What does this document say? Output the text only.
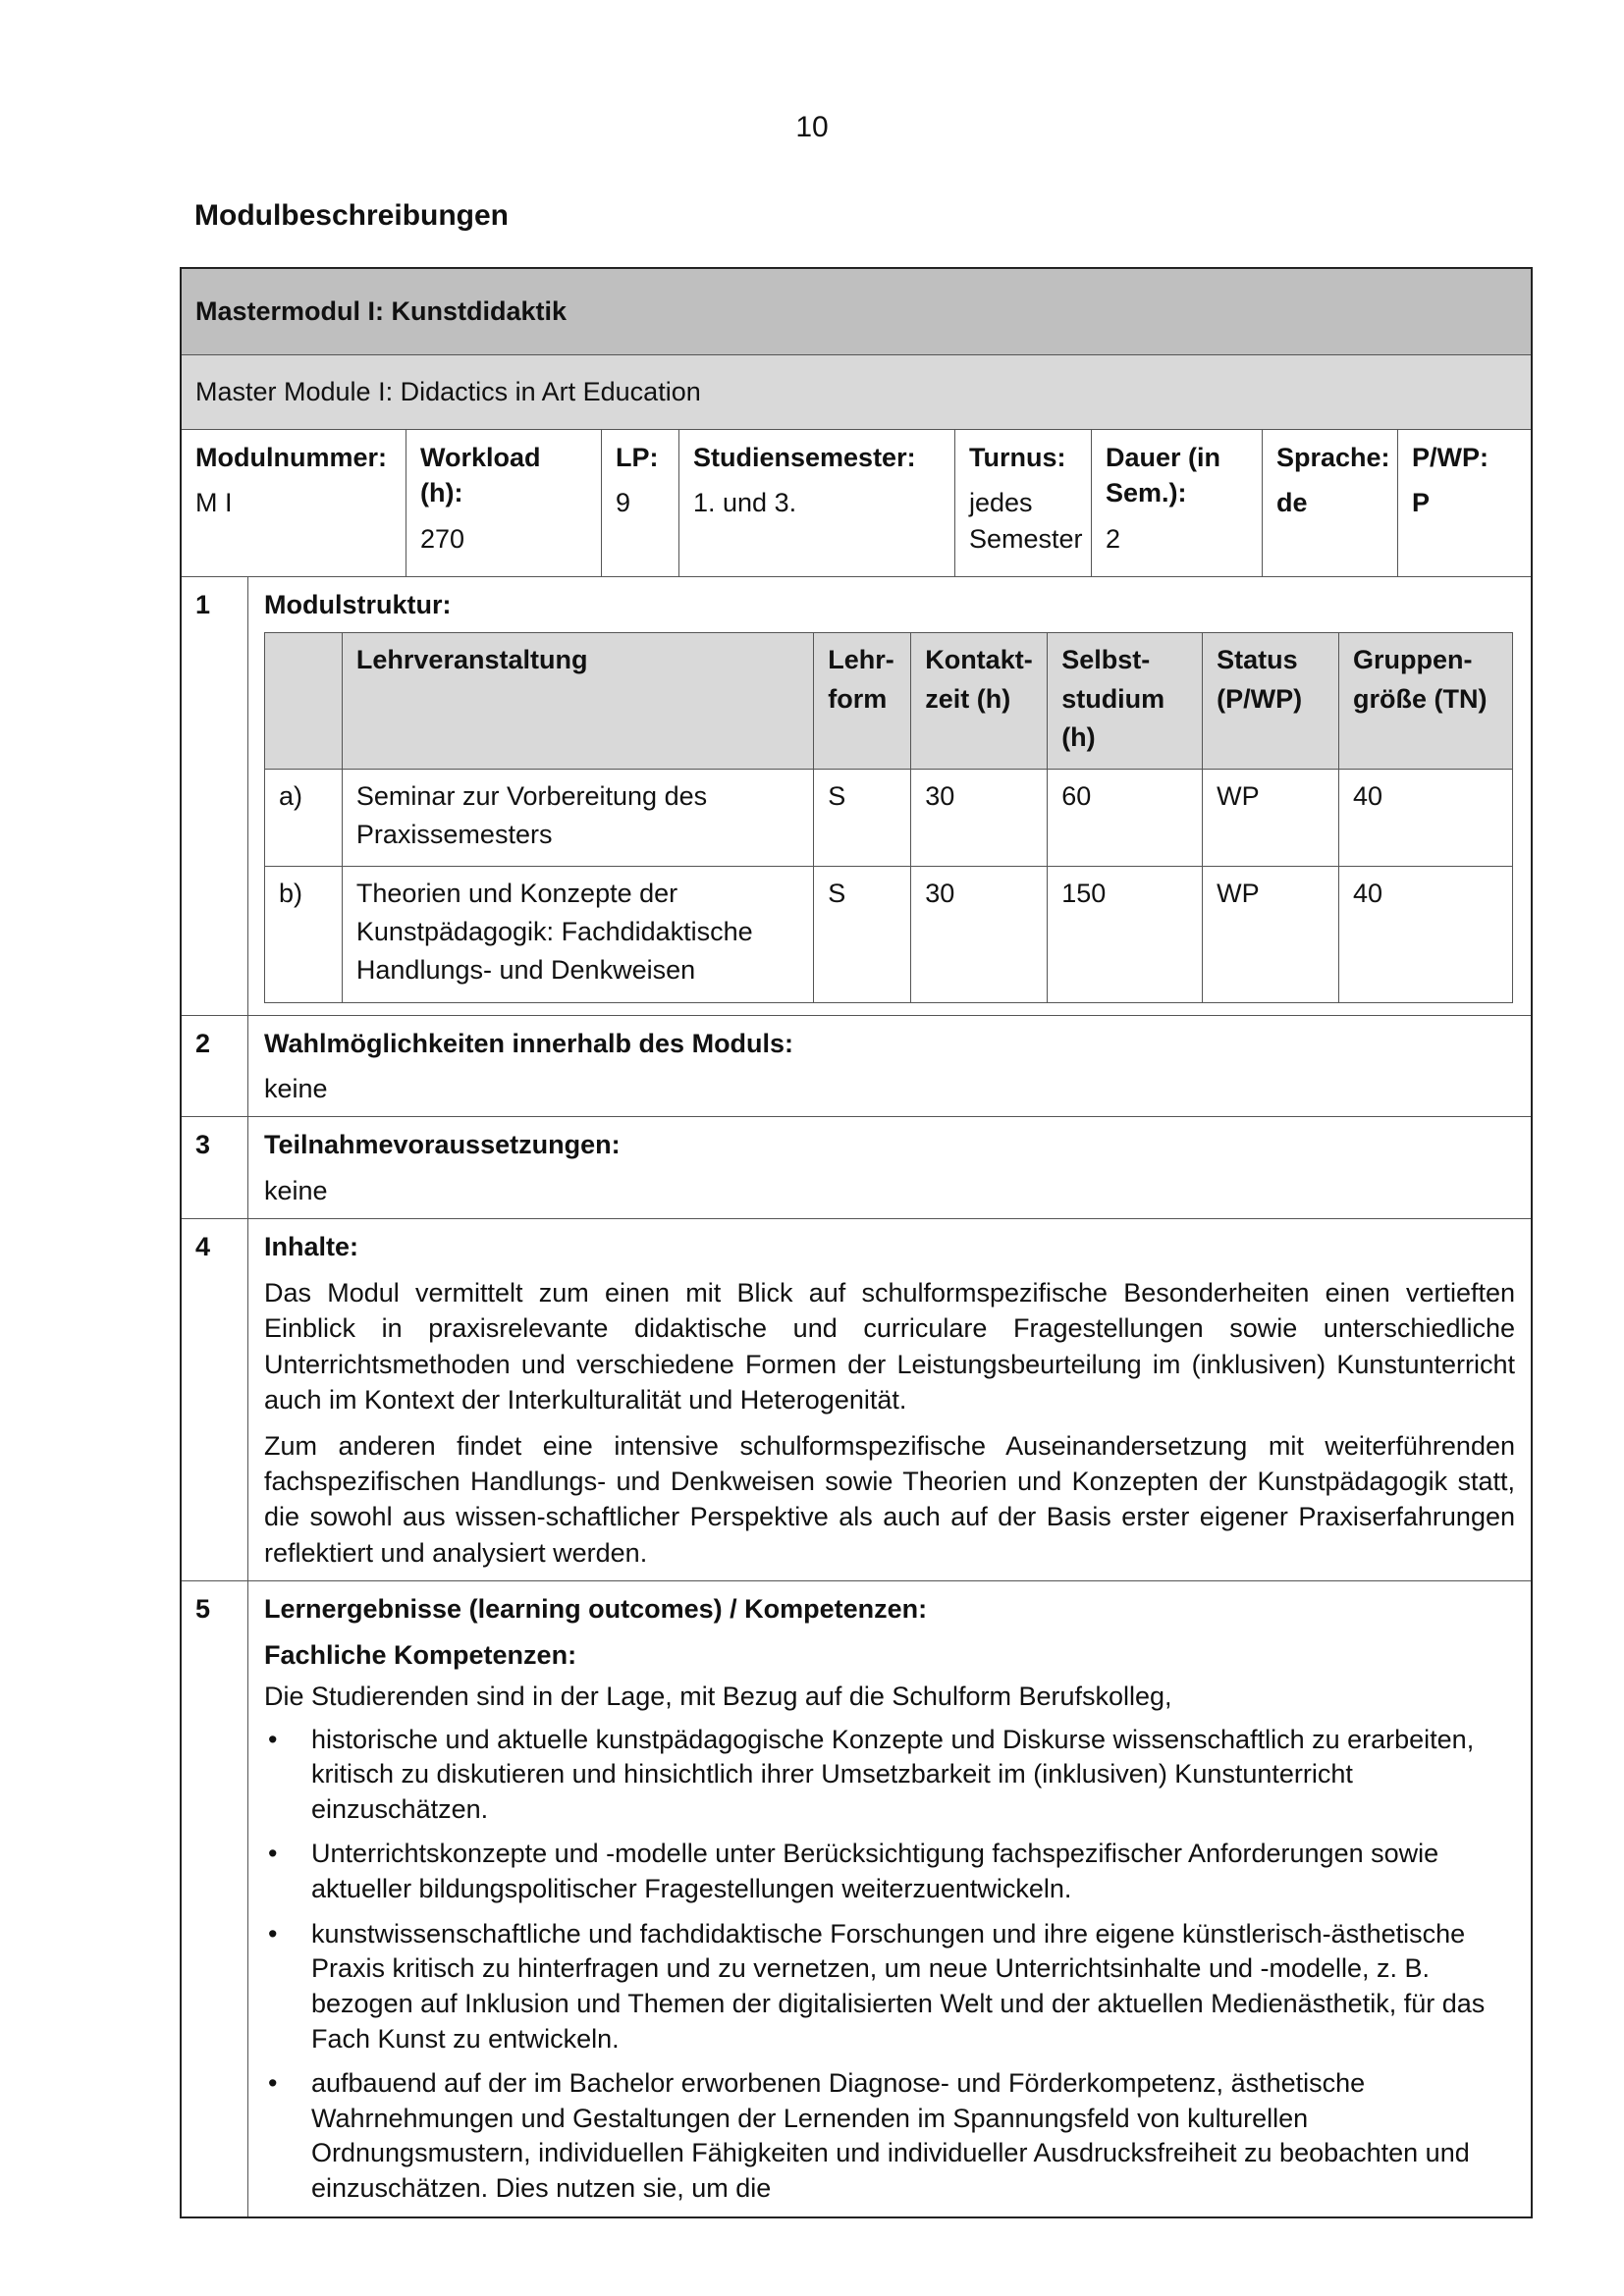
10
Modulbeschreibungen
Mastermodul I: Kunstdidaktik
Master Module I: Didactics in Art Education
Modulnummer:
M I
Workload (h):
270
LP:
9
Studiensemester:
1. und 3.
Turnus:
jedes Semester
Dauer (in Sem.):
2
Sprache:
de
P/WP:
P
1	Modulstruktur:
	Lehrveranstaltung	Lehr-form	Kontakt-zeit (h)	Selbst-studium (h)	Status (P/WP)	Gruppen-größe (TN)
a)	Seminar zur Vorbereitung des Praxissemesters	S	30	60	WP	40
b)	Theorien und Konzepte der Kunstpädagogik: Fachdidaktische Handlungs- und Denkweisen	S	30	150	WP	40
2	Wahlmöglichkeiten innerhalb des Moduls:
keine
3	Teilnahmevoraussetzungen:
keine
4	Inhalte:

Das Modul vermittelt zum einen mit Blick auf schulformspezifische Besonderheiten einen vertieften Einblick in praxisrelevante didaktische und curriculare Fragestellungen sowie unterschiedliche Unterrichtsmethoden und verschiedene Formen der Leistungsbeurteilung im (inklusiven) Kunstunterricht auch im Kontext der Interkulturalität und Heterogenität.

Zum anderen findet eine intensive schulformspezifische Auseinandersetzung mit weiterführenden fachspezifischen Handlungs- und Denkweisen sowie Theorien und Konzepten der Kunstpädagogik statt, die sowohl aus wissen-schaftlicher Perspektive als auch auf der Basis erster eigener Praxiserfahrungen reflektiert und analysiert werden.

5	Lernergebnisse (learning outcomes) / Kompetenzen:
Fachliche Kompetenzen:
Die Studierenden sind in der Lage, mit Bezug auf die Schulform Berufskolleg,
•	historische und aktuelle kunstpädagogische Konzepte und Diskurse wissenschaftlich zu erarbeiten, kritisch zu diskutieren und hinsichtlich ihrer Umsetzbarkeit im (inklusiven) Kunstunterricht einzuschätzen.
•	Unterrichtskonzepte und -modelle unter Berücksichtigung fachspezifischer Anforderungen sowie aktueller bildungspolitischer Fragestellungen weiterzuentwickeln.
•	kunstwissenschaftliche und fachdidaktische Forschungen und ihre eigene künstlerisch-ästhetische Praxis kritisch zu hinterfragen und zu vernetzen, um neue Unterrichtsinhalte und -modelle, z. B. bezogen auf Inklusion und Themen der digitalisierten Welt und der aktuellen Medienästhetik, für das Fach Kunst zu entwickeln.
•	aufbauend auf der im Bachelor erworbenen Diagnose- und Förderkompetenz, ästhetische Wahrnehmungen und Gestaltungen der Lernenden im Spannungsfeld von kulturellen Ordnungsmustern, individuellen Fähigkeiten und individueller Ausdrucksfreiheit zu beobachten und einzuschätzen. Dies nutzen sie, um die
